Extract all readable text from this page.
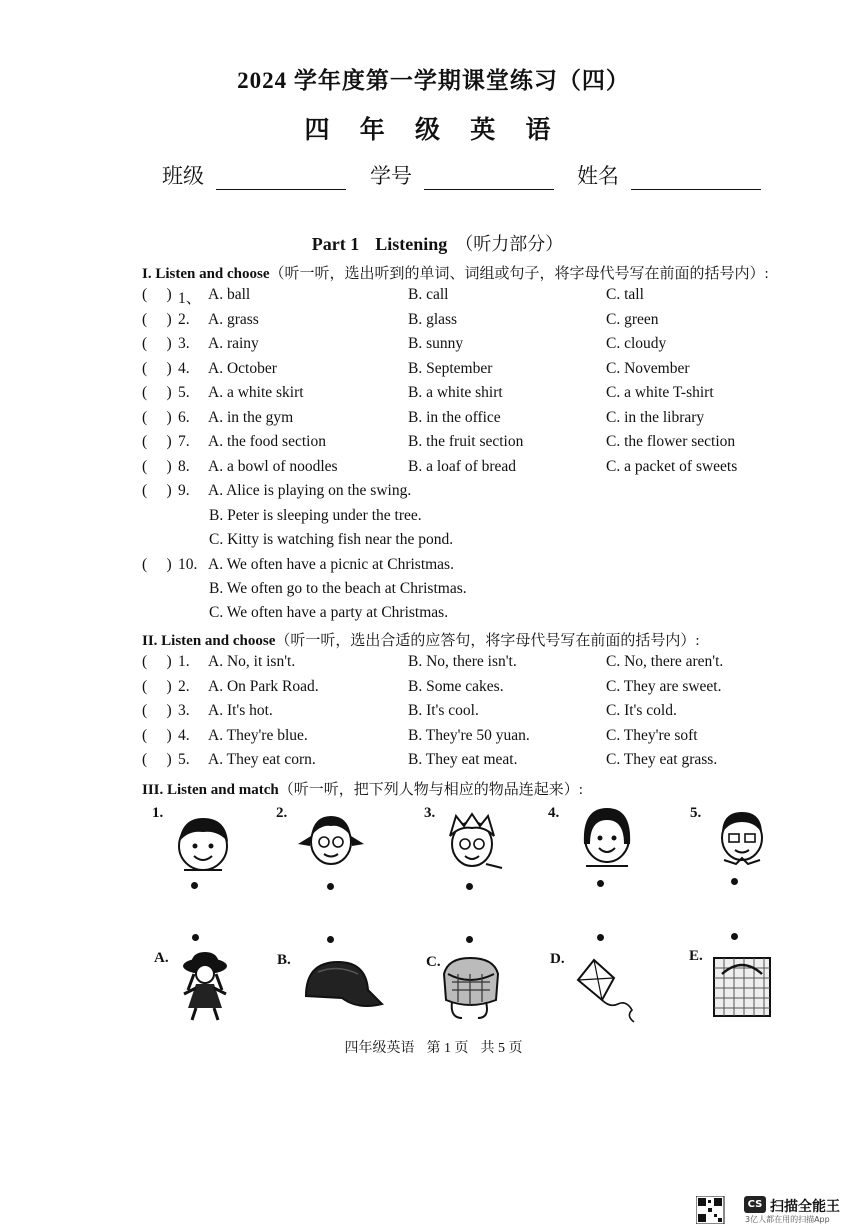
2024 学年度第一学期课堂练习（四）
四 年 级 英 语
班级	学号	姓名
Part 1 Listening （听力部分）
I. Listen and choose（听一听，选出听到的单词、词组或句子，将字母代号写在前面的括号内）:
( ) 1、 A. ball	B. call	C. tall
( ) 2. A. grass	B. glass	C. green
( ) 3. A. rainy	B. sunny	C. cloudy
( ) 4. A. October	B. September	C. November
( ) 5. A. a white skirt	B. a white shirt	C. a white T-shirt
( ) 6. A. in the gym	B. in the office	C. in the library
( ) 7. A. the food section	B. the fruit section	C. the flower section
( ) 8. A. a bowl of noodles	B. a loaf of bread	C. a packet of sweets
( ) 9. A. Alice is playing on the swing.
B. Peter is sleeping under the tree.
C. Kitty is watching fish near the pond.
( ) 10. A. We often have a picnic at Christmas.
B. We often go to the beach at Christmas.
C. We often have a party at Christmas.
II. Listen and choose（听一听，选出合适的应答句，将字母代号写在前面的括号内）:
( ) 1. A. No, it isn't.	B. No, there isn't.	C. No, there aren't.
( ) 2. A. On Park Road.	B. Some cakes.	C. They are sweet.
( ) 3. A. It's hot.	B. It's cool.	C. It's cold.
( ) 4. A. They're blue.	B. They're 50 yuan.	C. They're soft
( ) 5. A. They eat corn.	B. They eat meat.	C. They eat grass.
III. Listen and match（听一听，把下列人物与相应的物品连起来）:
1.	2.	3.	4.	5.
A.	B.	C.	D.	E.
四年级英语 第 1 页 共 5 页
CS 扫描全能王
3亿人都在用的扫描App
